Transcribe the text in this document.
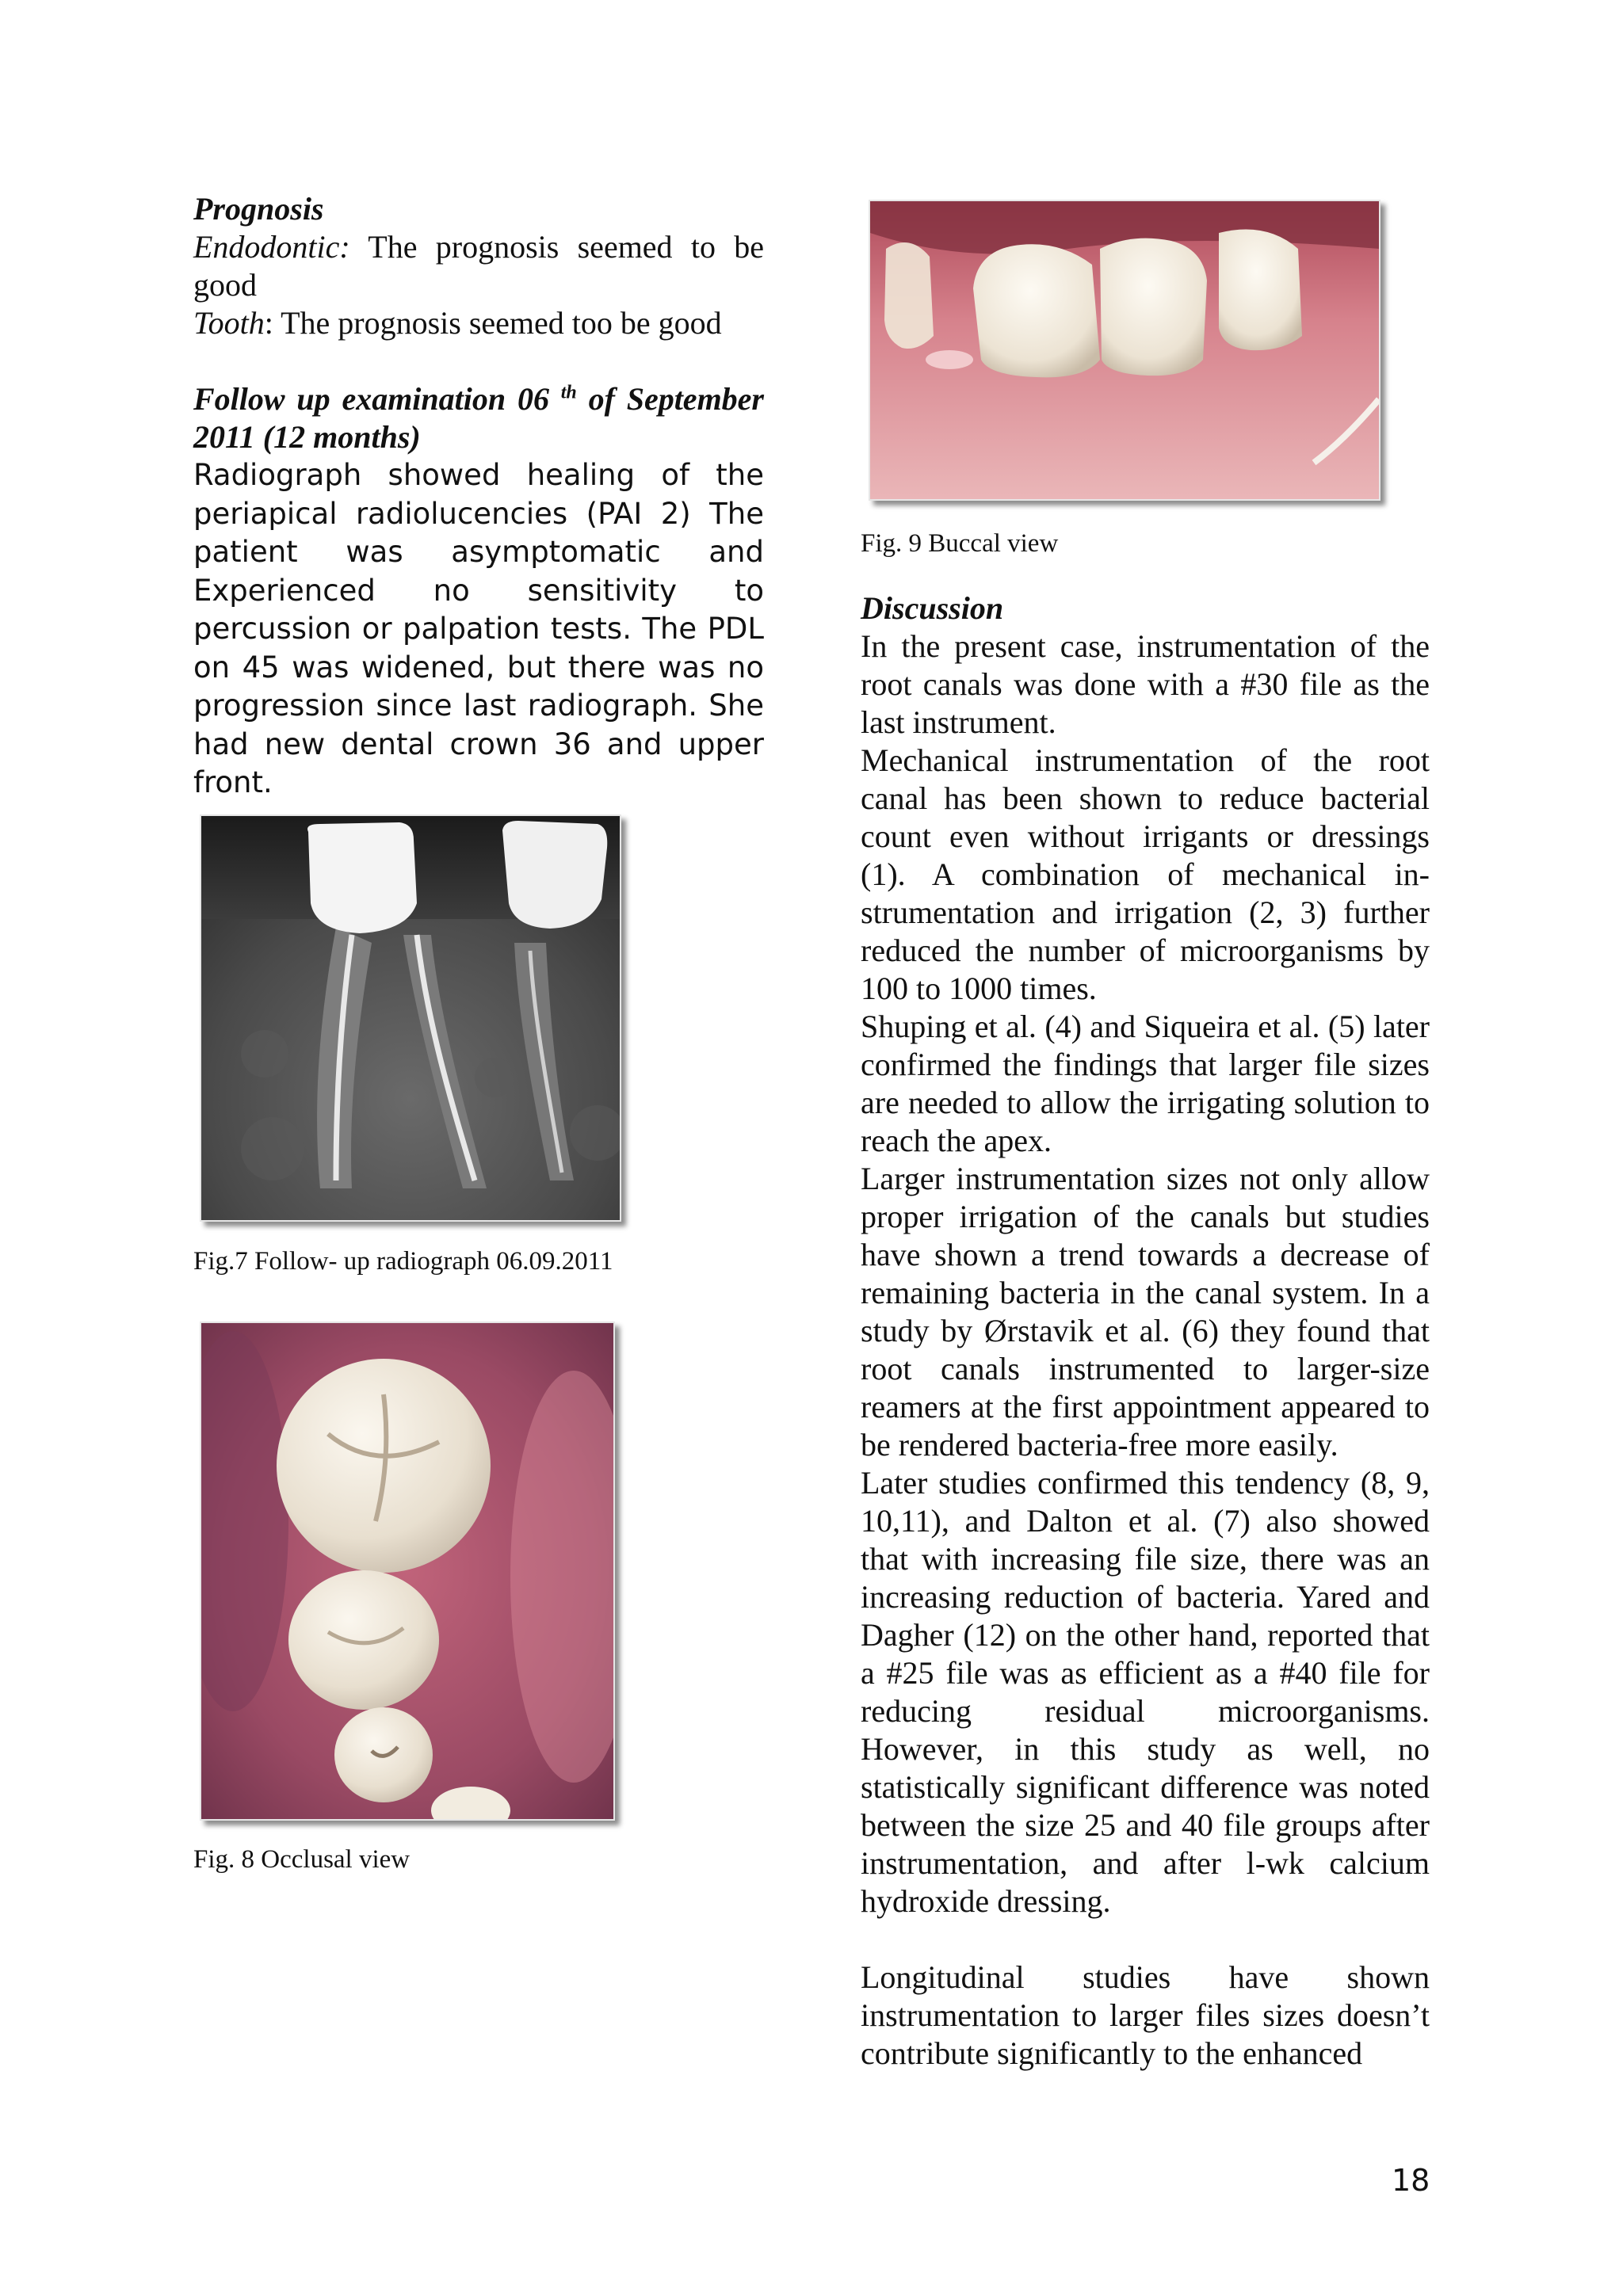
Prognosis

Endodontic: The prognosis seemed to be good

Tooth: The prognosis seemed too be good

Follow up examination 06 $^{th}$ of September 2011 (12 months)

Radiograph showed healing of the periapical radiolucencies (PAI 2) The patient was asymptomatic and Experienced no sensitivity to percussion or palpation tests. The PDL on 45 was widened, but there was no progression since last radiograph. She had new dental crown 36 and upper front.

Fig.7 Follow- up radiograph 06.09.2011
Fig. 8 Occlusal view
Fig. 9 Buccal view

Discussion

In the present case, instrumentation of the root canals was done with a #30 file as the last instrument.

Mechanical instrumentation of the root canal has been shown to reduce bacterial count even without irrigants or dressings (1). A combination of mechanical in-strumentation and irrigation (2, 3) further reduced the number of microorganisms by 100 to 1000 times.

Shuping et al. (4) and Siqueira et al. (5) later confirmed the findings that larger file sizes are needed to allow the irrigating solution to reach the apex.

Larger instrumentation sizes not only allow proper irrigation of the canals but studies have shown a trend towards a decrease of remaining bacteria in the canal system. In a study by Ørstavik et al. (6) they found that root canals instrumented to larger-size reamers at the first appointment appeared to be rendered bacteria-free more easily.

Later studies confirmed this tendency (8, 9, 10,11), and Dalton et al. (7) also showed that with increasing file size, there was an increasing reduction of bacteria. Yared and Dagher (12) on the other hand, reported that a #25 file was as efficient as a #40 file for reducing residual microorganisms. However, in this study as well, no statistically significant difference was noted between the size 25 and 40 file groups after instrumentation, and after l-wk calcium hydroxide dressing.

Longitudinal studies have shown instrumentation to larger files sizes doesn’t contribute significantly to the enhanced

18
